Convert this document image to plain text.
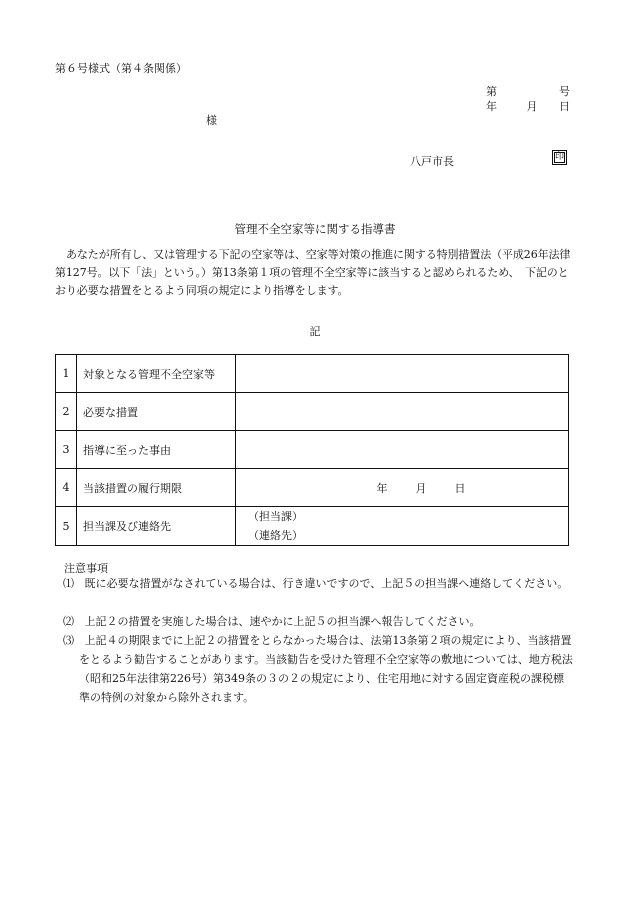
第６号様式（第４条関係）
第	号
年	月 日
様
八戸市長	印
管理不全空家等に関する指導書
あなたが所有し、又は管理する下記の空家等は、空家等対策の推進に関する特別措置法（平成26年法律第127号。以下「法」という。）第13条第１項の管理不全空家等に該当すると認められるため、　下記のとおり必要な措置をとるよう同項の規定により指導をします。
記
1	対象となる管理不全空家等	
2	必要な措置	
3	指導に至った事由	
4	当該措置の履行期限	年 月 日

5	担当課及び連絡先	（担当課）
（連絡先）
注意事項
⑴ 既に必要な措置がなされている場合は、行き違いですので、上記５の担当課へ連絡してください。
⑵ 上記２の措置を実施した場合は、速やかに上記５の担当課へ報告してください。
⑶ 上記４の期限までに上記２の措置をとらなかった場合は、法第13条第２項の規定により、当該措置をとるよう勧告することがあります。当該勧告を受けた管理不全空家等の敷地については、地方税法（昭和25年法律第226号）第349条の３の２の規定により、住宅用地に対する固定資産税の課税標準の特例の対象から除外されます。
